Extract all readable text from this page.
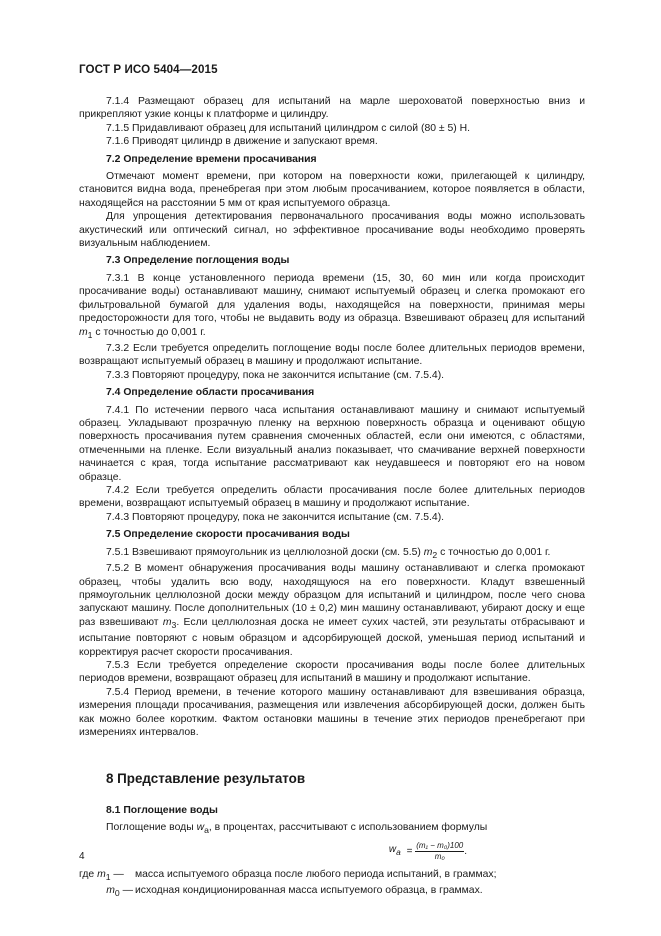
ГОСТ Р ИСО 5404—2015

7.1.4 Размещают образец для испытаний на марле шероховатой поверхностью вниз и прикрепляют узкие концы к платформе и цилиндру.

7.1.5 Придавливают образец для испытаний цилиндром с силой (80 ± 5) Н.

7.1.6 Приводят цилиндр в движение и запускают время.

7.2 Определение времени просачивания

Отмечают момент времени, при котором на поверхности кожи, прилегающей к цилиндру, становится видна вода, пренебрегая при этом любым просачиванием, которое появляется в области, находящейся на расстоянии 5 мм от края испытуемого образца.

Для упрощения детектирования первоначального просачивания воды можно использовать акустический или оптический сигнал, но эффективное просачивание воды необходимо проверять визуальным наблюдением.

7.3 Определение поглощения воды

7.3.1 В конце установленного периода времени (15, 30, 60 мин или когда происходит просачивание воды) останавливают машину, снимают испытуемый образец и слегка промокают его фильтровальной бумагой для удаления воды, находящейся на поверхности, принимая меры предосторожности для того, чтобы не выдавить воду из образца. Взвешивают образец для испытаний $m_1$ с точностью до 0,001 г.

7.3.2 Если требуется определить поглощение воды после более длительных периодов времени, возвращают испытуемый образец в машину и продолжают испытание.

7.3.3 Повторяют процедуру, пока не закончится испытание (см. 7.5.4).

7.4 Определение области просачивания

7.4.1 По истечении первого часа испытания останавливают машину и снимают испытуемый образец. Укладывают прозрачную пленку на верхнюю поверхность образца и оценивают общую поверхность просачивания путем сравнения смоченных областей, если они имеются, с областями, отмеченными на пленке. Если визуальный анализ показывает, что смачивание верхней поверхности начинается с края, тогда испытание рассматривают как неудавшееся и повторяют его на новом образце.

7.4.2 Если требуется определить области просачивания после более длительных периодов времени, возвращают испытуемый образец в машину и продолжают испытание.

7.4.3 Повторяют процедуру, пока не закончится испытание (см. 7.5.4).

7.5 Определение скорости просачивания воды

7.5.1 Взвешивают прямоугольник из целлюлозной доски (см. 5.5) $m_2$ с точностью до 0,001 г.

7.5.2 В момент обнаружения просачивания воды машину останавливают и слегка промокают образец, чтобы удалить всю воду, находящуюся на его поверхности. Кладут взвешенный прямоугольник целлюлозной доски между образцом для испытаний и цилиндром, после чего снова запускают машину. После дополнительных (10 ± 0,2) мин машину останавливают, убирают доску и еще раз взвешивают $m_3$. Если целлюлозная доска не имеет сухих частей, эти результаты отбрасывают и испытание повторяют с новым образцом и адсорбирующей доской, уменьшая период испытаний и корректируя расчет скорости просачивания.

7.5.3 Если требуется определение скорости просачивания воды после более длительных периодов времени, возвращают образец для испытаний в машину и продолжают испытание.

7.5.4 Период времени, в течение которого машину останавливают для взвешивания образца, измерения площади просачивания, размещения или извлечения абсорбирующей доски, должен быть как можно более коротким. Фактом остановки машины в течение этих периодов пренебрегают при измерениях интервалов.

8 Представление результатов
8.1 Поглощение воды

Поглощение воды $w_a$, в процентах, рассчитывают с использованием формулы

$w_a = \frac{\text{(m₁ − m₀)100}}{\text{m₀}}$ .
где $m_1$ —	масса испытуемого образца после любого периода испытаний, в граммах;
$m_0$ — исходная кондиционированная масса испытуемого образца, в граммах.
4
